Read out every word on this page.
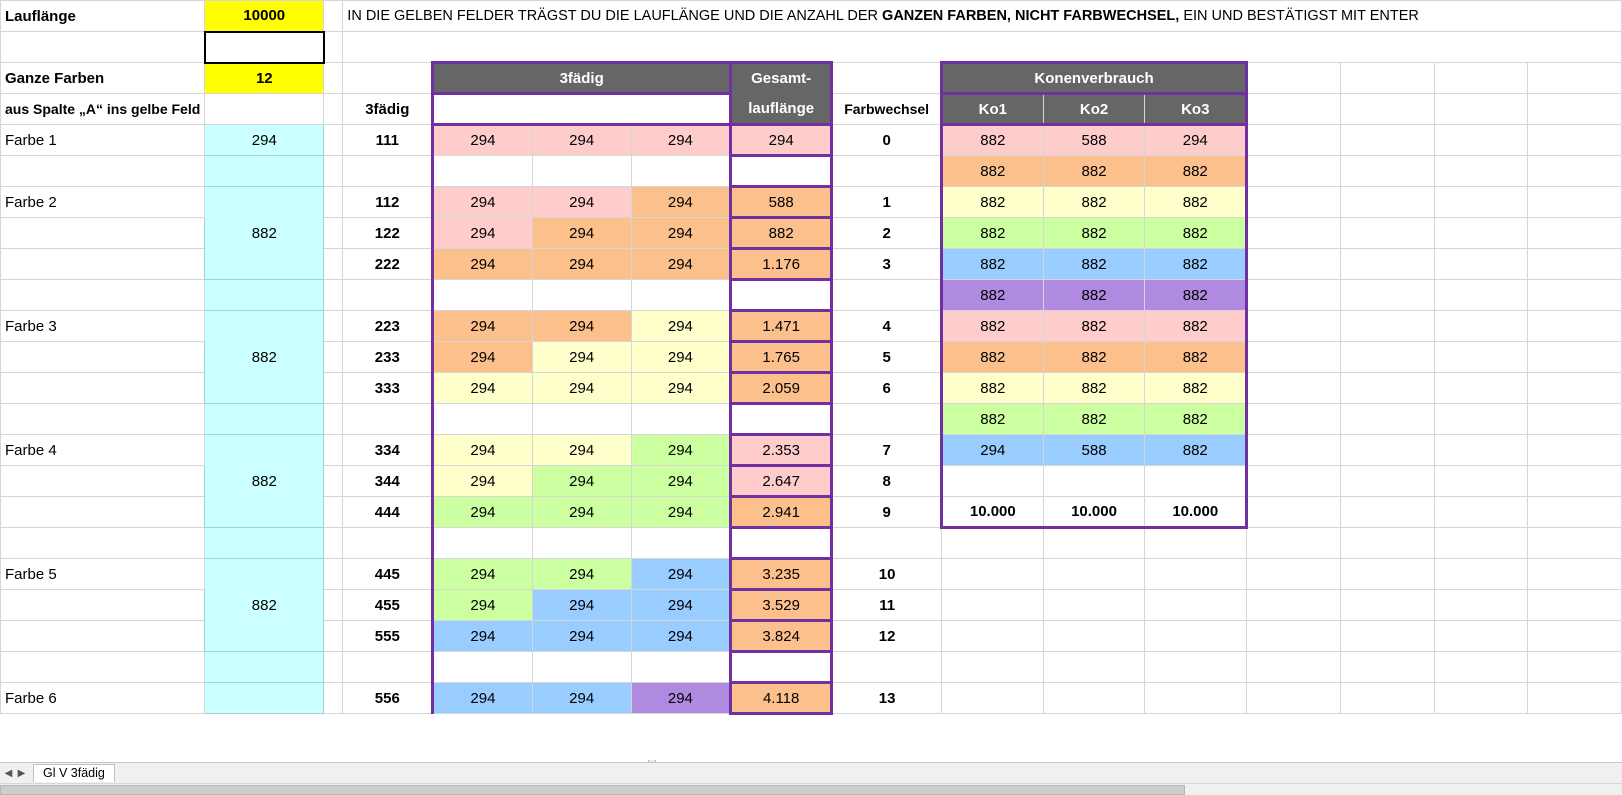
Lauflänge	10000		IN DIE GELBEN FELDER TRÄGST DU DIE LAUFLÄNGE UND DIE ANZAHL DER GANZEN FARBEN, NICHT FARBWECHSEL, EIN UND BESTÄTIGST MIT ENTER												

Ganze Farben	12			3fädig			Gesamt-		Konenverbrauch						
aus Spalte „A“ ins gelbe Feld			3fädig				lauflänge	Farbwechsel	Ko1	Ko2	Ko3				
Farbe 1	294		111	294	294	294	294	0	882	588	294				
									882	882	882				
Farbe 2	882		112	294	294	294	588	1	882	882	882				
			122	294	294	294	882	2	882	882	882				
			222	294	294	294	1.176	3	882	882	882				
									882	882	882				
Farbe 3	882		223	294	294	294	1.471	4	882	882	882				
			233	294	294	294	1.765	5	882	882	882				
			333	294	294	294	2.059	6	882	882	882				
									882	882	882				
Farbe 4	882		334	294	294	294	2.353	7	294	588	882				
			344	294	294	294	2.647	8							
			444	294	294	294	2.941	9	10.000	10.000	10.000				

Farbe 5	882		445	294	294	294	3.235	10							
			455	294	294	294	3.529	11							
			555	294	294	294	3.824	12							

Farbe 6			556	294	294	294	4.118	13							
◀ ▶	Gl V 3fädig
